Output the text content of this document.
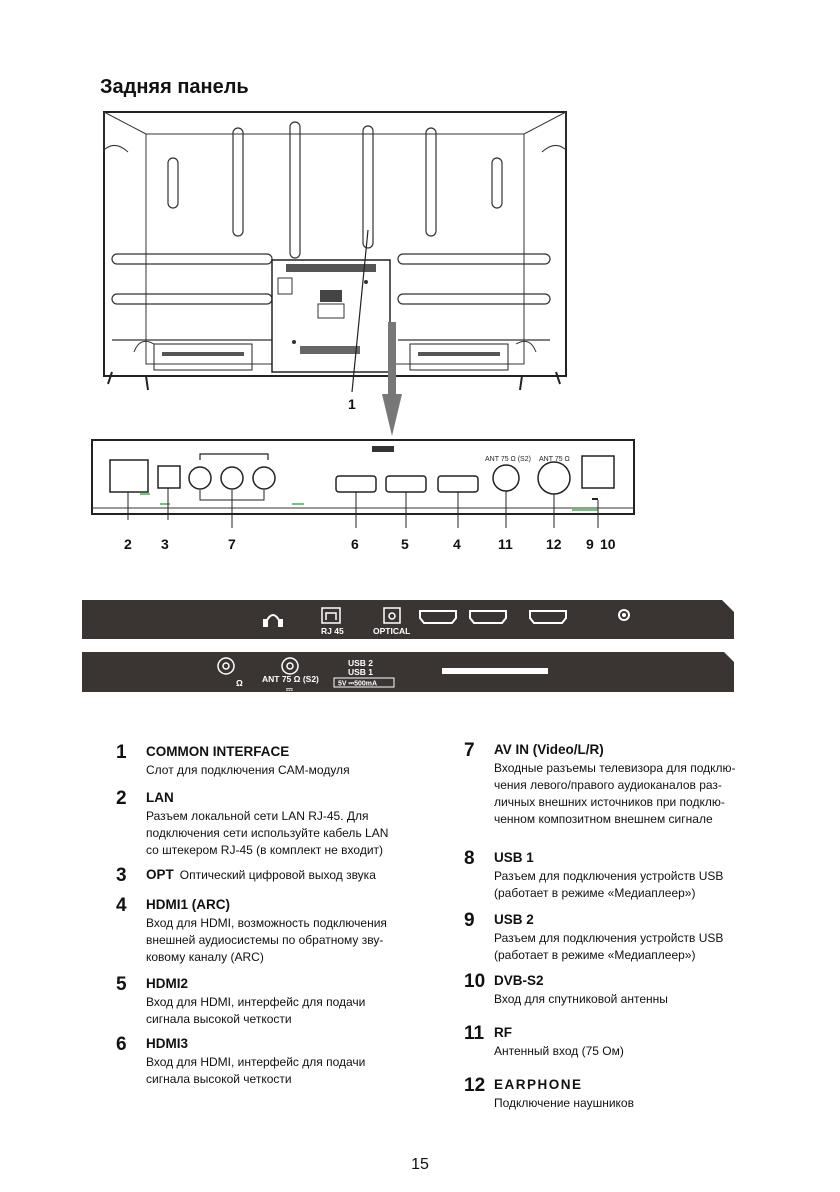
Задняя панель
ANT 75 Ω (S2) ANT 75 Ω
1
2 3	7	6	5	4	11 12 9 10
RJ 45	OPTICAL
Ω ANT 75 Ω (S2)
⎓
USB 2
USB 1
5V ⎓500mA
1	COMMON INTERFACE
Слот для подключения CAM-модуля
2	LAN
Разъем локальной сети LAN RJ-45. Для
подключения сети используйте кабель LAN
со штекером RJ-45 (в комплект не входит)
3	OPT Оптический цифровой выход звука
4	HDMI1 (ARC)
Вход для HDMI, возможность подключения
внешней аудиосистемы по обратному зву-
ковому каналу (ARC)
5	HDMI2
Вход для HDMI, интерфейс для подачи
сигнала высокой четкости
6	HDMI3
Вход для HDMI, интерфейс для подачи
сигнала высокой четкости
7	AV IN (Video/L/R)
Входные разъемы телевизора для подклю-
чения левого/правого аудиоканалов раз-
личных внешних источников при подклю-
ченном композитном внешнем сигнале
8	USB 1
Разъем для подключения устройств USB
(работает в режиме «Медиаплеер»)
9	USB 2
Разъем для подключения устройств USB
(работает в режиме «Медиаплеер»)
10 DVB-S2
Вход для спутниковой антенны
11 RF
Антенный вход (75 Ом)
12 EARPHONE
Подключение наушников
15
